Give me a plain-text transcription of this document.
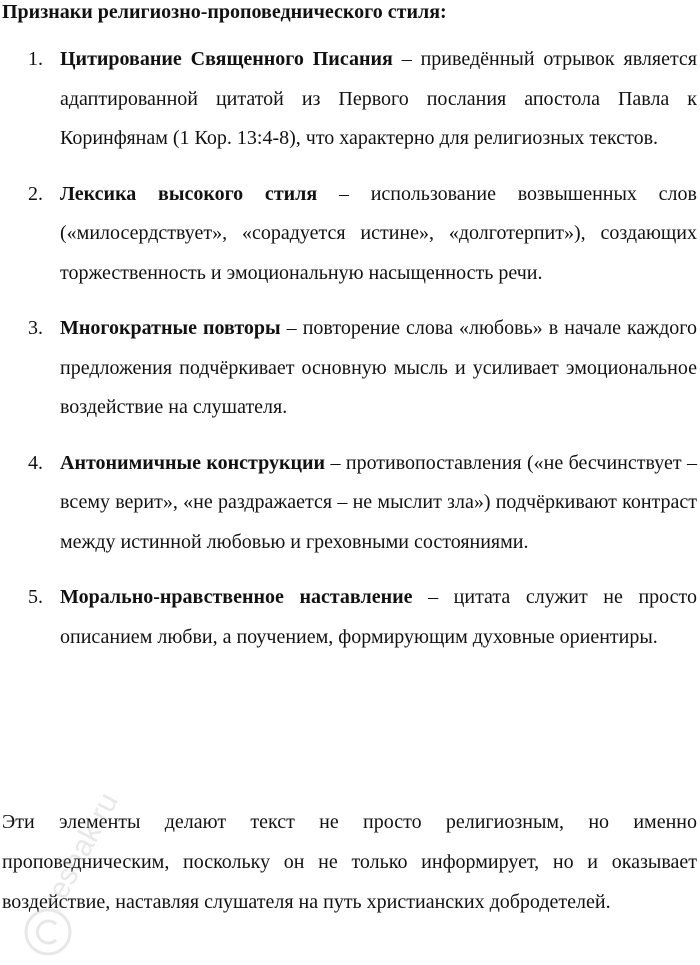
Признаки религиозно-проповеднического стиля:
1. Цитирование Священного Писания – приведённый отрывок является адаптированной цитатой из Первого послания апостола Павла к Коринфянам (1 Кор. 13:4-8), что характерно для религиозных текстов.
2. Лексика высокого стиля – использование возвышенных слов («милосердствует», «сорадуется истине», «долготерпит»), создающих торжественность и эмоциональную насыщенность речи.
3. Многократные повторы – повторение слова «любовь» в начале каждого предложения подчёркивает основную мысль и усиливает эмоциональное воздействие на слушателя.
4. Антонимичные конструкции – противопоставления («не бесчинствует – всему верит», «не раздражается – не мыслит зла») подчёркивают контраст между истинной любовью и греховными состояниями.
5. Морально-нравственное наставление – цитата служит не просто описанием любви, а поучением, формирующим духовные ориентиры.

Эти элементы делают текст не просто религиозным, но именно проповедническим, поскольку он не только информирует, но и оказывает воздействие, наставляя слушателя на путь христианских добродетелей.

reshak.ru
